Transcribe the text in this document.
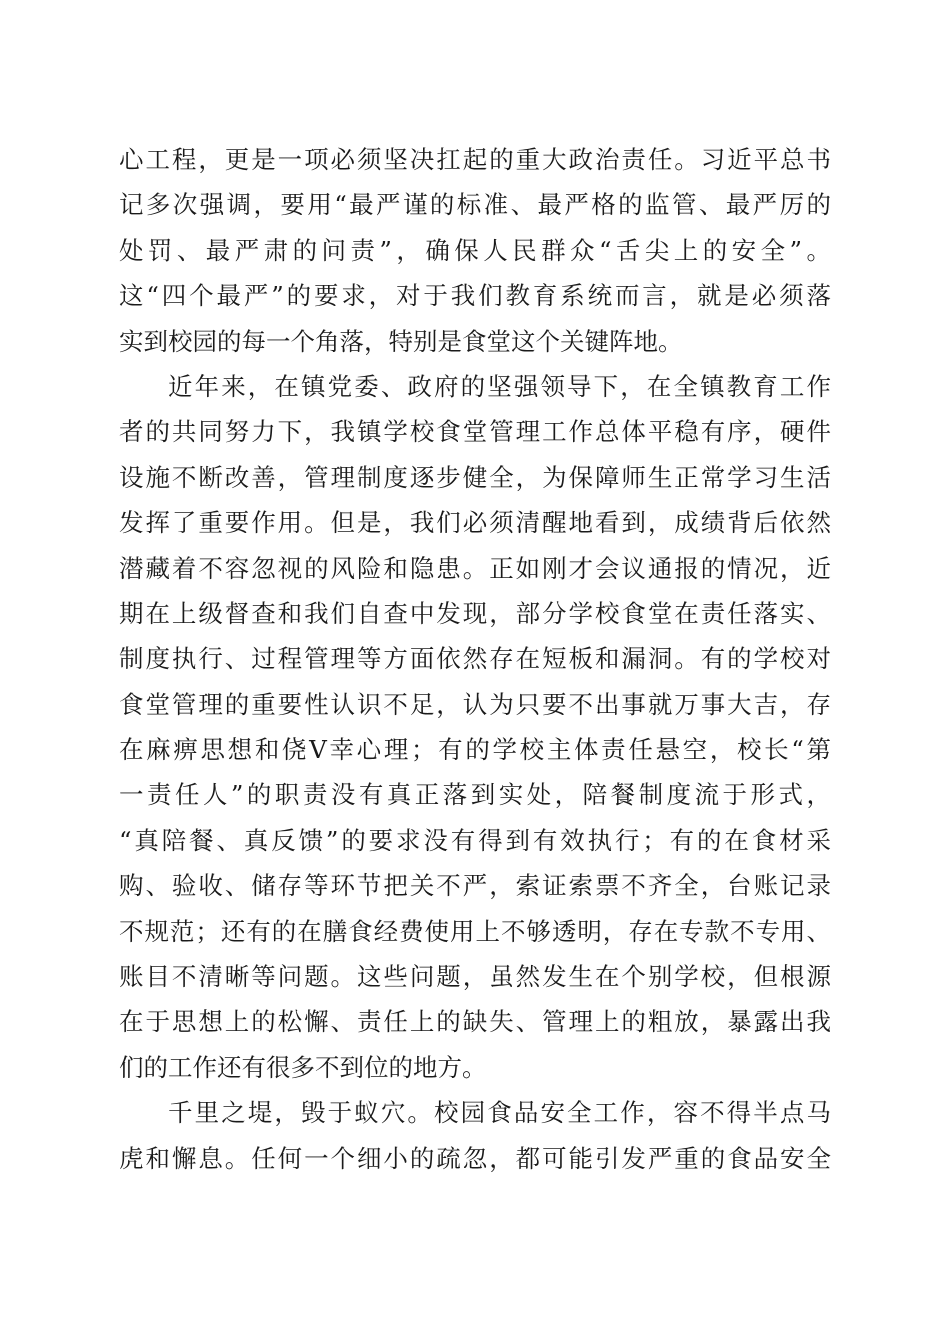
心工程，更是一项必须坚决扛起的重大政治责任。习近平总书
记多次强调，要用“最严谨的标准、最严格的监管、最严厉的
处罚、最严肃的问责”，确保人民群众“舌尖上的安全”。
这“四个最严”的要求，对于我们教育系统而言，就是必须落
实到校园的每一个角落，特别是食堂这个关键阵地。
近年来，在镇党委、政府的坚强领导下，在全镇教育工作
者的共同努力下，我镇学校食堂管理工作总体平稳有序，硬件
设施不断改善，管理制度逐步健全，为保障师生正常学习生活
发挥了重要作用。但是，我们必须清醒地看到，成绩背后依然
潜藏着不容忽视的风险和隐患。正如刚才会议通报的情况，近
期在上级督查和我们自查中发现，部分学校食堂在责任落实、
制度执行、过程管理等方面依然存在短板和漏洞。有的学校对
食堂管理的重要性认识不足，认为只要不出事就万事大吉，存
在麻痹思想和侥Ⅴ幸心理；有的学校主体责任悬空，校长“第
一责任人”的职责没有真正落到实处，陪餐制度流于形式，
“真陪餐、真反馈”的要求没有得到有效执行；有的在食材采
购、验收、储存等环节把关不严，索证索票不齐全，台账记录
不规范；还有的在膳食经费使用上不够透明，存在专款不专用、
账目不清晰等问题。这些问题，虽然发生在个别学校，但根源
在于思想上的松懈、责任上的缺失、管理上的粗放，暴露出我
们的工作还有很多不到位的地方。
千里之堤，毁于蚁穴。校园食品安全工作，容不得半点马
虎和懈息。任何一个细小的疏忽，都可能引发严重的食品安全
